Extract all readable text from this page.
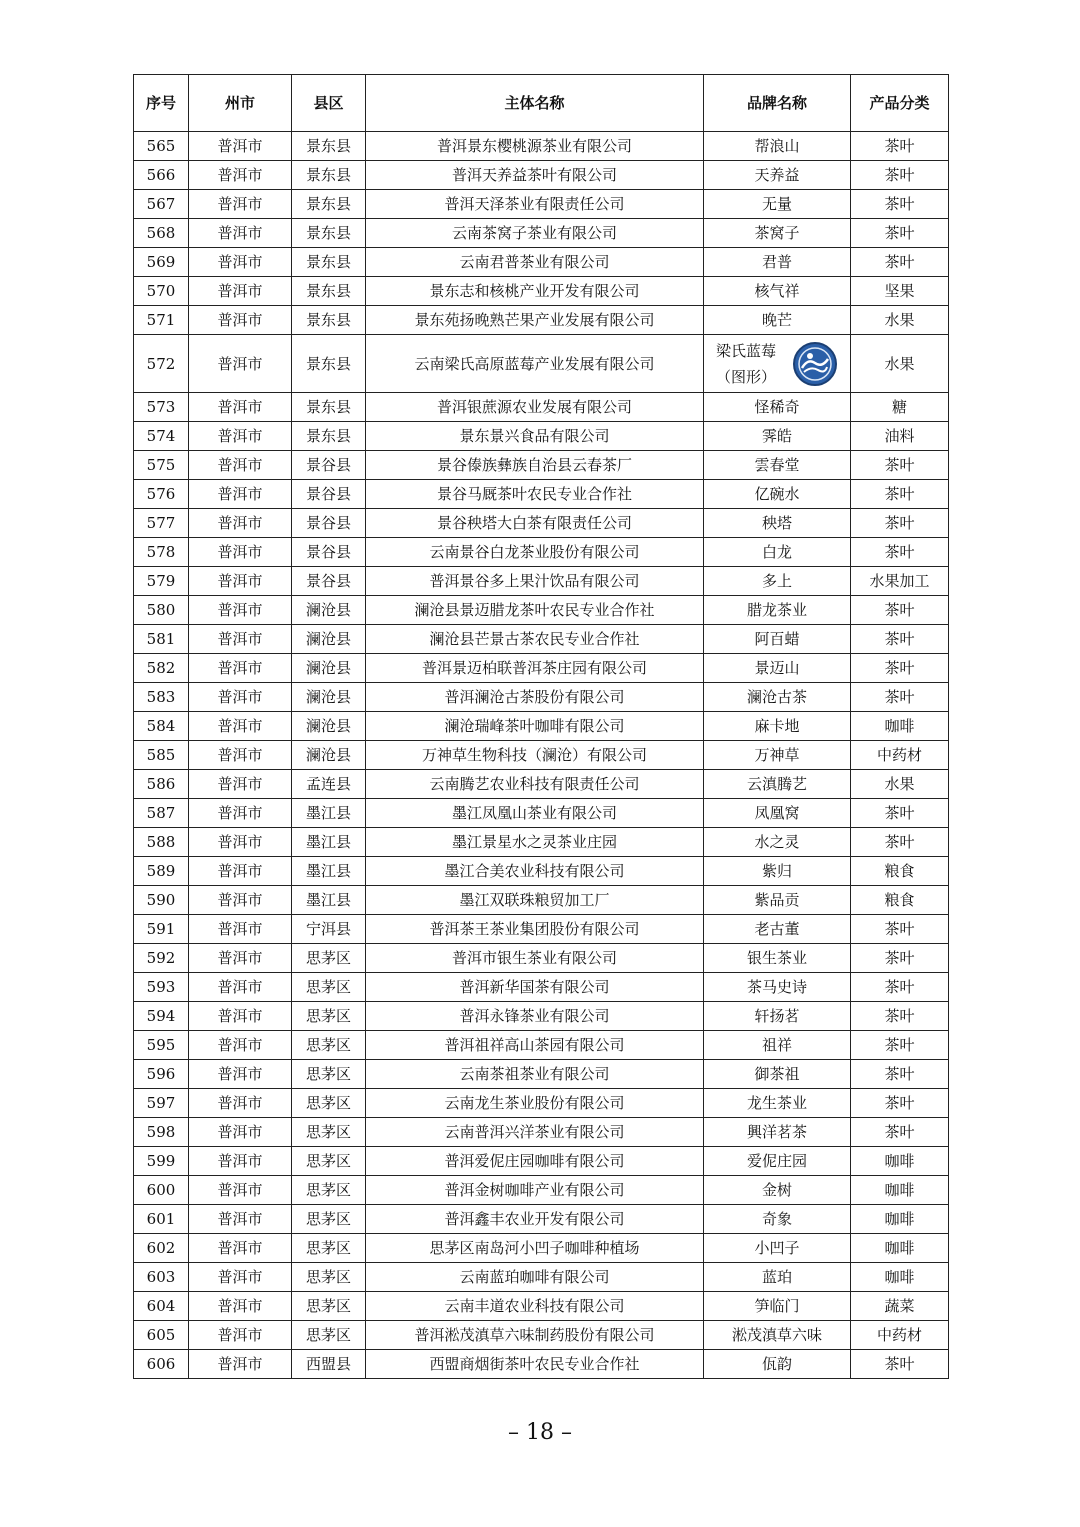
序号	州市	县区	主体名称	品牌名称	产品分类
565	普洱市	景东县	普洱景东樱桃源茶业有限公司	帮浪山	茶叶
566	普洱市	景东县	普洱天养益茶叶有限公司	天养益	茶叶
567	普洱市	景东县	普洱天泽茶业有限责任公司	无量	茶叶
568	普洱市	景东县	云南茶窝子茶业有限公司	茶窝子	茶叶
569	普洱市	景东县	云南君普茶业有限公司	君普	茶叶
570	普洱市	景东县	景东志和核桃产业开发有限公司	核气祥	坚果
571	普洱市	景东县	景东苑扬晚熟芒果产业发展有限公司	晚芒	水果
572	普洱市	景东县	云南梁氏高原蓝莓产业发展有限公司	梁氏蓝莓（图形）	水果
573	普洱市	景东县	普洱银蔗源农业发展有限公司	怪稀奇	糖
574	普洱市	景东县	景东景兴食品有限公司	霁皓	油料
575	普洱市	景谷县	景谷傣族彝族自治县云春茶厂	雲春堂	茶叶
576	普洱市	景谷县	景谷马厩茶叶农民专业合作社	亿碗水	茶叶
577	普洱市	景谷县	景谷秧塔大白茶有限责任公司	秧塔	茶叶
578	普洱市	景谷县	云南景谷白龙茶业股份有限公司	白龙	茶叶
579	普洱市	景谷县	普洱景谷多上果汁饮品有限公司	多上	水果加工
580	普洱市	澜沧县	澜沧县景迈腊龙茶叶农民专业合作社	腊龙茶业	茶叶
581	普洱市	澜沧县	澜沧县芒景古茶农民专业合作社	阿百蜡	茶叶
582	普洱市	澜沧县	普洱景迈柏联普洱茶庄园有限公司	景迈山	茶叶
583	普洱市	澜沧县	普洱澜沧古茶股份有限公司	澜沧古茶	茶叶
584	普洱市	澜沧县	澜沧瑞峰茶叶咖啡有限公司	麻卡地	咖啡
585	普洱市	澜沧县	万神草生物科技（澜沧）有限公司	万神草	中药材
586	普洱市	孟连县	云南腾艺农业科技有限责任公司	云滇腾艺	水果
587	普洱市	墨江县	墨江凤凰山茶业有限公司	凤凰窝	茶叶
588	普洱市	墨江县	墨江景星水之灵茶业庄园	水之灵	茶叶
589	普洱市	墨江县	墨江合美农业科技有限公司	紫归	粮食
590	普洱市	墨江县	墨江双联珠粮贸加工厂	紫品贡	粮食
591	普洱市	宁洱县	普洱茶王茶业集团股份有限公司	老古董	茶叶
592	普洱市	思茅区	普洱市银生茶业有限公司	银生茶业	茶叶
593	普洱市	思茅区	普洱新华国茶有限公司	茶马史诗	茶叶
594	普洱市	思茅区	普洱永锋茶业有限公司	轩扬茗	茶叶
595	普洱市	思茅区	普洱祖祥高山茶园有限公司	祖祥	茶叶
596	普洱市	思茅区	云南茶祖茶业有限公司	御茶祖	茶叶
597	普洱市	思茅区	云南龙生茶业股份有限公司	龙生茶业	茶叶
598	普洱市	思茅区	云南普洱兴洋茶业有限公司	興洋茗茶	茶叶
599	普洱市	思茅区	普洱爱伲庄园咖啡有限公司	爱伲庄园	咖啡
600	普洱市	思茅区	普洱金树咖啡产业有限公司	金树	咖啡
601	普洱市	思茅区	普洱鑫丰农业开发有限公司	奇象	咖啡
602	普洱市	思茅区	思茅区南岛河小凹子咖啡种植场	小凹子	咖啡
603	普洱市	思茅区	云南蓝珀咖啡有限公司	蓝珀	咖啡
604	普洱市	思茅区	云南丰道农业科技有限公司	笋临门	蔬菜
605	普洱市	思茅区	普洱淞茂滇草六味制药股份有限公司	淞茂滇草六味	中药材
606	普洱市	西盟县	西盟商烟街茶叶农民专业合作社	佤韵	茶叶
– 18 –
